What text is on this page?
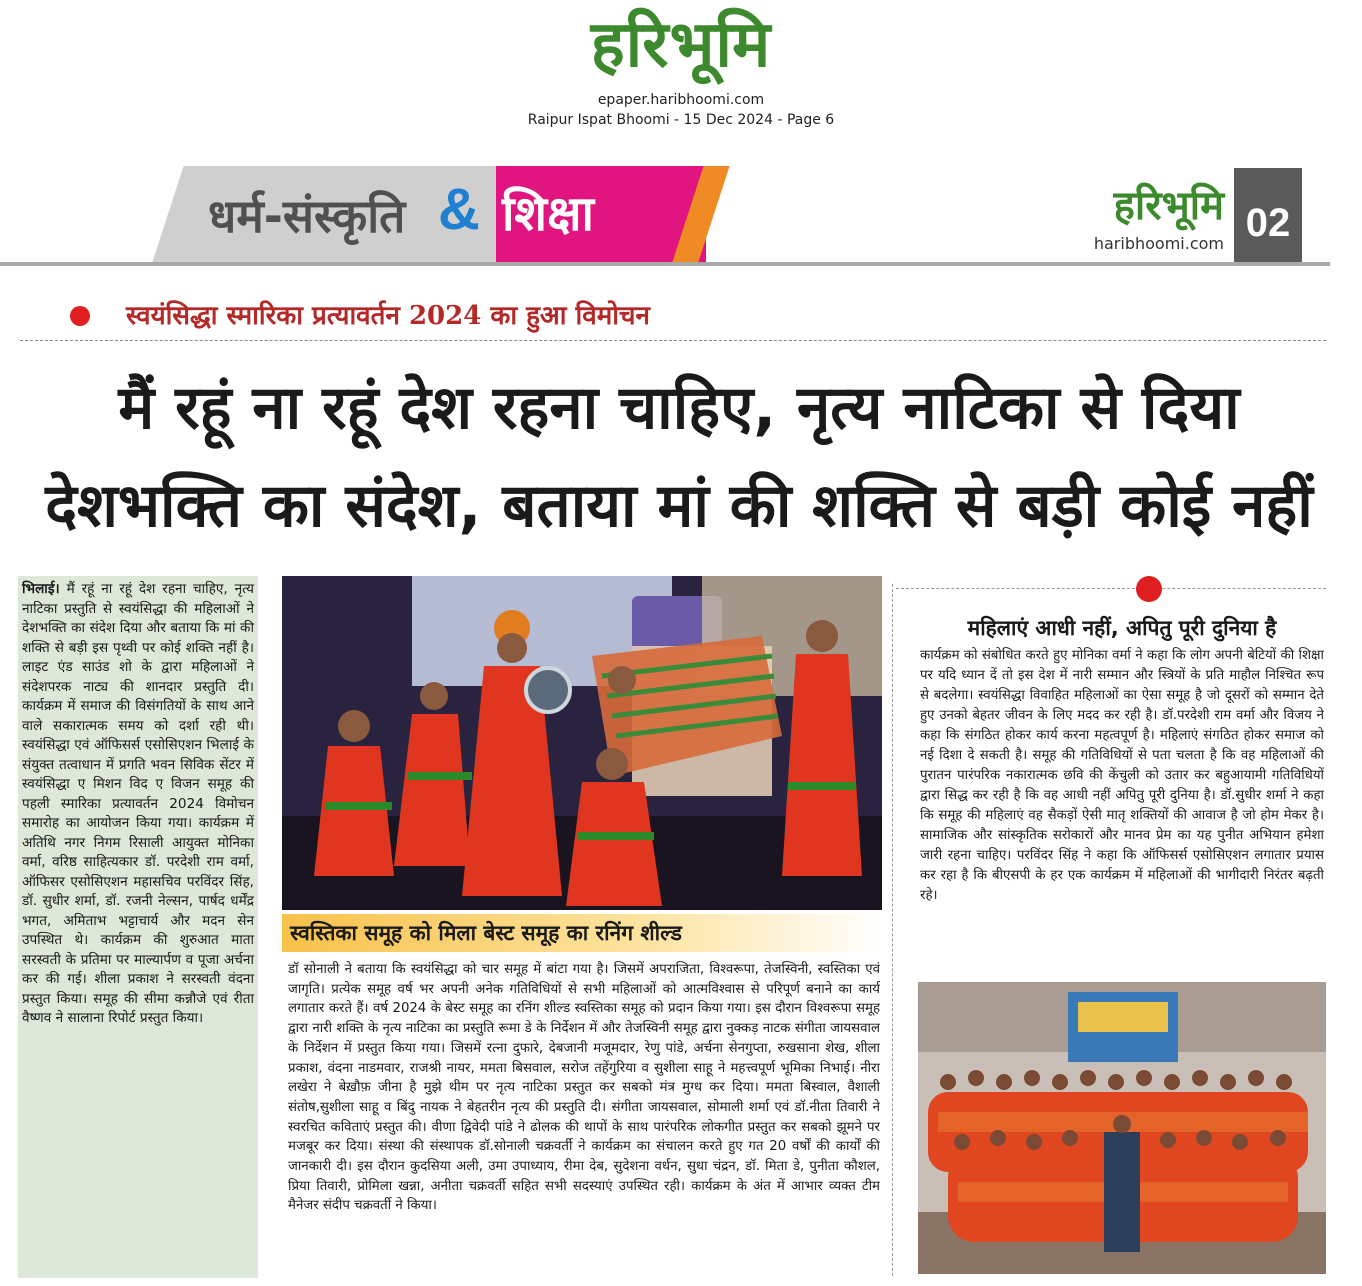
हरिभूमि
epaper.haribhoomi.com
Raipur Ispat Bhoomi - 15 Dec 2024 - Page 6
धर्म-संस्कृति & शिक्षा	हरिभूमि
haribhoomi.com 02
स्वयंसिद्धा स्मारिका प्रत्यावर्तन 2024 का हुआ विमोचन
मैं रहूं ना रहूं देश रहना चाहिए, नृत्य नाटिका से दिया
देशभक्ति का संदेश, बताया मां की शक्ति से बड़ी कोई नहीं
भिलाई। मैं रहूं ना रहूं देश रहना चाहिए, नृत्य नाटिका प्रस्तुति से स्वयंसिद्धा की महिलाओं ने देशभक्ति का संदेश दिया और बताया कि मां की शक्ति से बड़ी इस पृथ्वी पर कोई शक्ति नहीं है। लाइट एंड साउंड शो के द्वारा महिलाओं ने संदेशपरक नाट्य की शानदार प्रस्तुति दी। कार्यक्रम में समाज की विसंगतियों के साथ आने वाले सकारात्मक समय को दर्शा रही थी। स्वयंसिद्धा एवं ऑफिसर्स एसोसिएशन भिलाई के संयुक्त तत्वाधान में प्रगति भवन सिविक सेंटर में स्वयंसिद्धा ए मिशन विद ए विजन समूह की पहली स्मारिका प्रत्यावर्तन 2024 विमोचन समारोह का आयोजन किया गया। कार्यक्रम में अतिथि नगर निगम रिसाली आयुक्त मोनिका वर्मा, वरिष्ठ साहित्यकार डॉ. परदेशी राम वर्मा, ऑफिसर एसोसिएशन महासचिव परविंदर सिंह, डॉ. सुधीर शर्मा, डॉ. रजनी नेल्सन, पार्षद धर्मेंद्र भगत, अमिताभ भट्टाचार्य और मदन सेन उपस्थित थे। कार्यक्रम की शुरुआत माता सरस्वती के प्रतिमा पर माल्यार्पण व पूजा अर्चना कर की गई। शीला प्रकाश ने सरस्वती वंदना प्रस्तुत किया। समूह की सीमा कन्नौजे एवं रीता वैष्णव ने सालाना रिपोर्ट प्रस्तुत किया।
स्वस्तिका समूह को मिला बेस्ट समूह का रनिंग शील्ड
डॉ सोनाली ने बताया कि स्वयंसिद्धा को चार समूह में बांटा गया है। जिसमें अपराजिता, विश्वरूपा, तेजस्विनी, स्वस्तिका एवं जागृति। प्रत्येक समूह वर्ष भर अपनी अनेक गतिविधियों से सभी महिलाओं को आत्मविश्वास से परिपूर्ण बनाने का कार्य लगातार करते हैं। वर्ष 2024 के बेस्ट समूह का रनिंग शील्ड स्वस्तिका समूह को प्रदान किया गया। इस दौरान विश्वरूपा समूह द्वारा नारी शक्ति के नृत्य नाटिका का प्रस्तुति रूमा डे के निर्देशन में और तेजस्विनी समूह द्वारा नुक्कड़ नाटक संगीता जायसवाल के निर्देशन में प्रस्तुत किया गया। जिसमें रत्ना दुफारे, देबजानी मजूमदार, रेणु पांडे, अर्चना सेनगुप्ता, रुखसाना शेख, शीला प्रकाश, वंदना नाडमवार, राजश्री नायर, ममता बिसवाल, सरोज तहेंगुरिया व सुशीला साहू ने महत्त्वपूर्ण भूमिका निभाई। नीरा लखेरा ने बेख़ौफ़ जीना है मुझे थीम पर नृत्य नाटिका प्रस्तुत कर सबको मंत्र मुग्ध कर दिया। ममता बिस्वाल, वैशाली संतोष,सुशीला साहू व बिंदु नायक ने बेहतरीन नृत्य की प्रस्तुति दी। संगीता जायसवाल, सोमाली शर्मा एवं डॉ.नीता तिवारी ने स्वरचित कविताएं प्रस्तुत की। वीणा द्विवेदी पांडे ने ढोलक की थापों के साथ पारंपरिक लोकगीत प्रस्तुत कर सबको झूमने पर मजबूर कर दिया। संस्था की संस्थापक डॉ.सोनाली चक्रवर्ती ने कार्यक्रम का संचालन करते हुए गत 20 वर्षों की कार्यों की जानकारी दी। इस दौरान कुदसिया अली, उमा उपाध्याय, रीमा देब, सुदेशना वर्धन, सुधा चंद्रन, डॉ. मिता डे, पुनीता कौशल, प्रिया तिवारी, प्रोमिला खन्ना, अनीता चक्रवर्ती सहित सभी सदस्याएं उपस्थित रही। कार्यक्रम के अंत में आभार व्यक्त टीम मैनेजर संदीप चक्रवर्ती ने किया।
महिलाएं आधी नहीं, अपितु पूरी दुनिया है
कार्यक्रम को संबोधित करते हुए मोनिका वर्मा ने कहा कि लोग अपनी बेटियों की शिक्षा पर यदि ध्यान दें तो इस देश में नारी सम्मान और स्त्रियों के प्रति माहौल निश्चित रूप से बदलेगा। स्वयंसिद्धा विवाहित महिलाओं का ऐसा समूह है जो दूसरों को सम्मान देते हुए उनको बेहतर जीवन के लिए मदद कर रही है। डॉ.परदेशी राम वर्मा और विजय ने कहा कि संगठित होकर कार्य करना महत्वपूर्ण है। महिलाएं संगठित होकर समाज को नई दिशा दे सकती है। समूह की गतिविधियों से पता चलता है कि वह महिलाओं की पुरातन पारंपरिक नकारात्मक छवि की केंचुली को उतार कर बहुआयामी गतिविधियों द्वारा सिद्ध कर रही है कि वह आधी नहीं अपितु पूरी दुनिया है। डॉ.सुधीर शर्मा ने कहा कि समूह की महिलाएं वह सैकड़ों ऐसी मातृ शक्तियों की आवाज है जो होम मेकर है। सामाजिक और सांस्कृतिक सरोकारों और मानव प्रेम का यह पुनीत अभियान हमेशा जारी रहना चाहिए। परविंदर सिंह ने कहा कि ऑफिसर्स एसोसिएशन लगातार प्रयास कर रहा है कि बीएसपी के हर एक कार्यक्रम में महिलाओं की भागीदारी निरंतर बढ़ती रहे।
